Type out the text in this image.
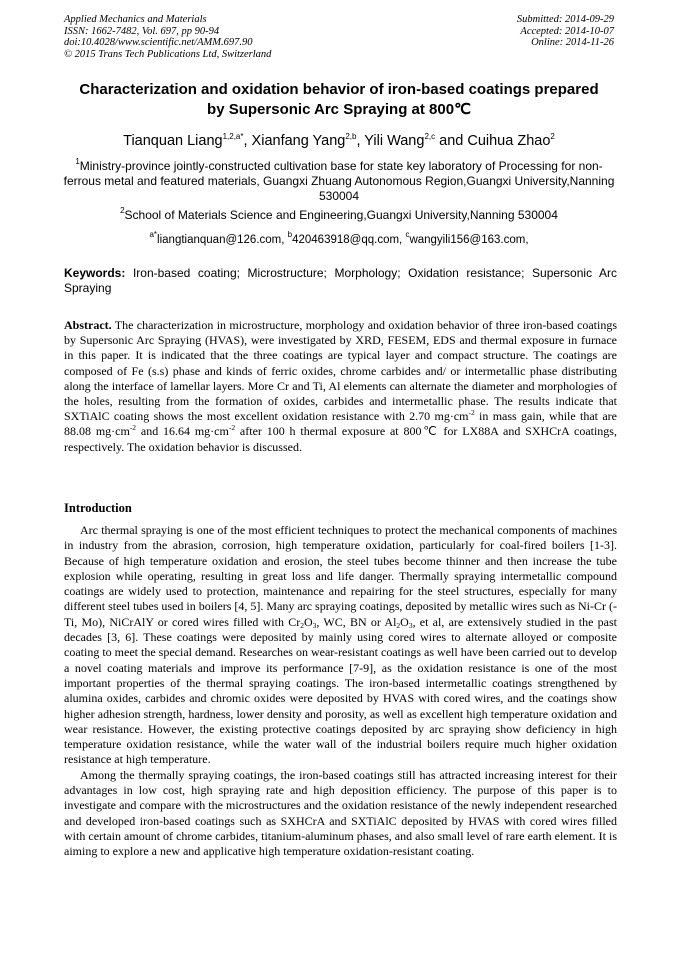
Applied Mechanics and Materials
ISSN: 1662-7482, Vol. 697, pp 90-94
doi:10.4028/www.scientific.net/AMM.697.90
© 2015 Trans Tech Publications Ltd, Switzerland
Submitted: 2014-09-29
Accepted: 2014-10-07
Online: 2014-11-26
Characterization and oxidation behavior of iron-based coatings prepared
by Supersonic Arc Spraying at 800℃
Tianquan Liang$^{1,2,a*}$, Xianfang Yang$^{2,b}$, Yili Wang$^{2,c}$ and Cuihua Zhao$^2$
$^1$Ministry-province jointly-constructed cultivation base for state key laboratory of Processing for non-ferrous metal and featured materials, Guangxi Zhuang Autonomous Region,Guangxi University,Nanning 530004
$^2$School of Materials Science and Engineering,Guangxi University,Nanning 530004
$^{a*}$liangtianquan@126.com, $^b$420463918@qq.com, $^c$wangyili156@163.com,
Keywords: Iron-based coating; Microstructure; Morphology; Oxidation resistance; Supersonic Arc Spraying
Abstract. The characterization in microstructure, morphology and oxidation behavior of three iron-based coatings by Supersonic Arc Spraying (HVAS), were investigated by XRD, FESEM, EDS and thermal exposure in furnace in this paper. It is indicated that the three coatings are typical layer and compact structure. The coatings are composed of Fe (s.s) phase and kinds of ferric oxides, chrome carbides and/ or intermetallic phase distributing along the interface of lamellar layers. More Cr and Ti, Al elements can alternate the diameter and morphologies of the holes, resulting from the formation of oxides, carbides and intermetallic phase. The results indicate that SXTiAlC coating shows the most excellent oxidation resistance with 2.70 $mg\cdot cm^{-2}$ in mass gain, while that are 88.08 $mg\cdot cm^{-2}$ and 16.64 $mg\cdot cm^{-2}$ after 100 h thermal exposure at 800℃ for LX88A and SXHCrA coatings, respectively. The oxidation behavior is discussed.
Introduction

Arc thermal spraying is one of the most efficient techniques to protect the mechanical components of machines in industry from the abrasion, corrosion, high temperature oxidation, particularly for coal-fired boilers [1-3]. Because of high temperature oxidation and erosion, the steel tubes become thinner and then increase the tube explosion while operating, resulting in great loss and life danger. Thermally spraying intermetallic compound coatings are widely used to protection, maintenance and repairing for the steel structures, especially for many different steel tubes used in boilers [4, 5]. Many arc spraying coatings, deposited by metallic wires such as Ni-Cr (-Ti, Mo), NiCrAlY or cored wires filled with $Cr_2O_3$, WC, BN or $Al_2O_3$, et al, are extensively studied in the past decades [3, 6]. These coatings were deposited by mainly using cored wires to alternate alloyed or composite coating to meet the special demand. Researches on wear-resistant coatings as well have been carried out to develop a novel coating materials and improve its performance [7-9], as the oxidation resistance is one of the most important properties of the thermal spraying coatings. The iron-based intermetallic coatings strengthened by alumina oxides, carbides and chromic oxides were deposited by HVAS with cored wires, and the coatings show higher adhesion strength, hardness, lower density and porosity, as well as excellent high temperature oxidation and wear resistance. However, the existing protective coatings deposited by arc spraying show deficiency in high temperature oxidation resistance, while the water wall of the industrial boilers require much higher oxidation resistance at high temperature.

Among the thermally spraying coatings, the iron-based coatings still has attracted increasing interest for their advantages in low cost, high spraying rate and high deposition efficiency. The purpose of this paper is to investigate and compare with the microstructures and the oxidation resistance of the newly independent researched and developed iron-based coatings such as SXHCrA and SXTiAlC deposited by HVAS with cored wires filled with certain amount of chrome carbides, titanium-aluminum phases, and also small level of rare earth element. It is aiming to explore a new and applicative high temperature oxidation-resistant coating.
